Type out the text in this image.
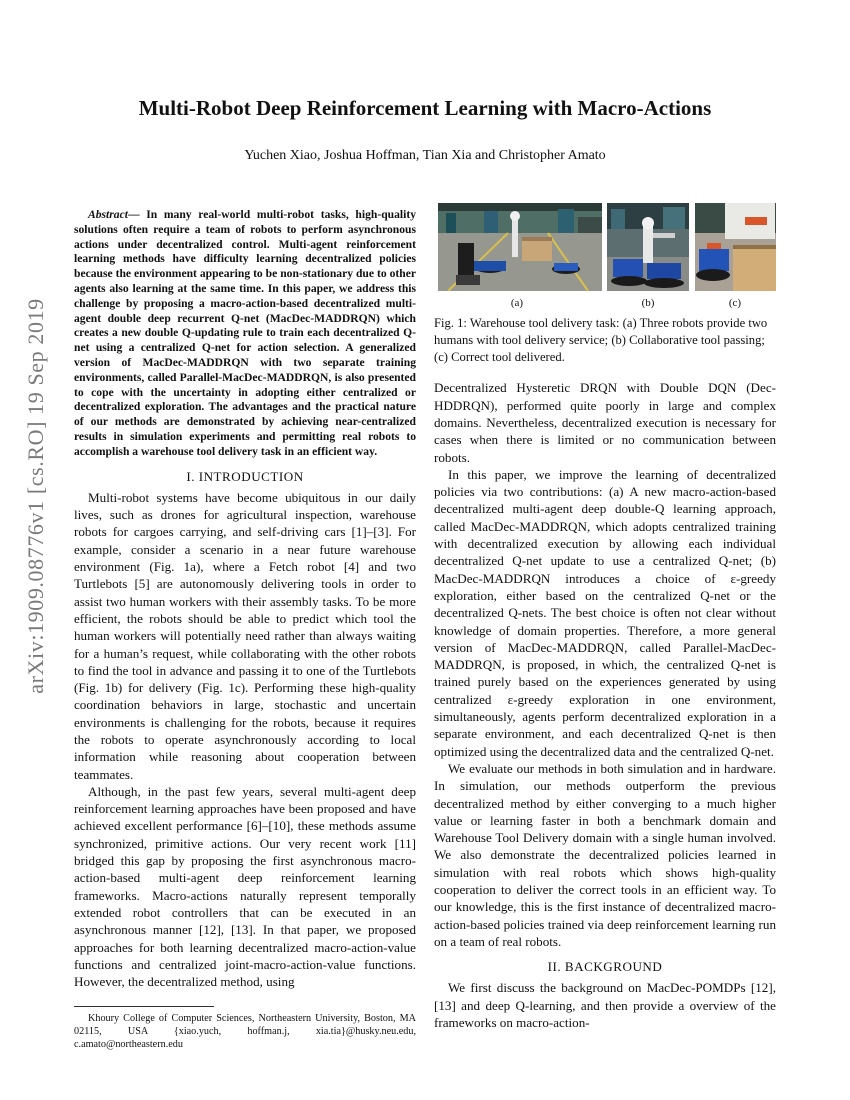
arXiv:1909.08776v1 [cs.RO] 19 Sep 2019
Multi-Robot Deep Reinforcement Learning with Macro-Actions
Yuchen Xiao, Joshua Hoffman, Tian Xia and Christopher Amato

Abstract— In many real-world multi-robot tasks, high-quality solutions often require a team of robots to perform asynchronous actions under decentralized control. Multi-agent reinforcement learning methods have difficulty learning decentralized policies because the environment appearing to be non-stationary due to other agents also learning at the same time. In this paper, we address this challenge by proposing a macro-action-based decentralized multi-agent double deep recurrent Q-net (MacDec-MADDRQN) which creates a new double Q-updating rule to train each decentralized Q-net using a centralized Q-net for action selection. A generalized version of MacDec-MADDRQN with two separate training environments, called Parallel-MacDec-MADDRQN, is also presented to cope with the uncertainty in adopting either centralized or decentralized exploration. The advantages and the practical nature of our methods are demonstrated by achieving near-centralized results in simulation experiments and permitting real robots to accomplish a warehouse tool delivery task in an efficient way.

I. INTRODUCTION

Multi-robot systems have become ubiquitous in our daily lives, such as drones for agricultural inspection, warehouse robots for cargoes carrying, and self-driving cars [1]–[3]. For example, consider a scenario in a near future warehouse environment (Fig. 1a), where a Fetch robot [4] and two Turtlebots [5] are autonomously delivering tools in order to assist two human workers with their assembly tasks. To be more efficient, the robots should be able to predict which tool the human workers will potentially need rather than always waiting for a human’s request, while collaborating with the other robots to find the tool in advance and passing it to one of the Turtlebots (Fig. 1b) for delivery (Fig. 1c). Performing these high-quality coordination behaviors in large, stochastic and uncertain environments is challenging for the robots, because it requires the robots to operate asynchronously according to local information while reasoning about cooperation between teammates.

Although, in the past few years, several multi-agent deep reinforcement learning approaches have been proposed and have achieved excellent performance [6]–[10], these methods assume synchronized, primitive actions. Our very recent work [11] bridged this gap by proposing the first asynchronous macro-action-based multi-agent deep reinforcement learning frameworks. Macro-actions naturally represent temporally extended robot controllers that can be executed in an asynchronous manner [12], [13]. In that paper, we proposed approaches for both learning decentralized macro-action-value functions and centralized joint-macro-action-value functions. However, the decentralized method, using

Khoury College of Computer Sciences, Northeastern University, Boston, MA 02115, USA {xiao.yuch, hoffman.j, xia.tia}@husky.neu.edu, c.amato@northeastern.edu

(a)	(b)	(c)

Fig. 1: Warehouse tool delivery task: (a) Three robots provide two humans with tool delivery service; (b) Collaborative tool passing; (c) Correct tool delivered.

Decentralized Hysteretic DRQN with Double DQN (Dec-HDDRQN), performed quite poorly in large and complex domains. Nevertheless, decentralized execution is necessary for cases when there is limited or no communication between robots.

In this paper, we improve the learning of decentralized policies via two contributions: (a) A new macro-action-based decentralized multi-agent deep double-Q learning approach, called MacDec-MADDRQN, which adopts centralized training with decentralized execution by allowing each individual decentralized Q-net update to use a centralized Q-net; (b) MacDec-MADDRQN introduces a choice of ε-greedy exploration, either based on the centralized Q-net or the decentralized Q-nets. The best choice is often not clear without knowledge of domain properties. Therefore, a more general version of MacDec-MADDRQN, called Parallel-MacDec-MADDRQN, is proposed, in which, the centralized Q-net is trained purely based on the experiences generated by using centralized ε-greedy exploration in one environment, simultaneously, agents perform decentralized exploration in a separate environment, and each decentralized Q-net is then optimized using the decentralized data and the centralized Q-net.

We evaluate our methods in both simulation and in hardware. In simulation, our methods outperform the previous decentralized method by either converging to a much higher value or learning faster in both a benchmark domain and Warehouse Tool Delivery domain with a single human involved. We also demonstrate the decentralized policies learned in simulation with real robots which shows high-quality cooperation to deliver the correct tools in an efficient way. To our knowledge, this is the first instance of decentralized macro-action-based policies trained via deep reinforcement learning run on a team of real robots.

II. BACKGROUND

We first discuss the background on MacDec-POMDPs [12], [13] and deep Q-learning, and then provide a overview of the frameworks on macro-action-
